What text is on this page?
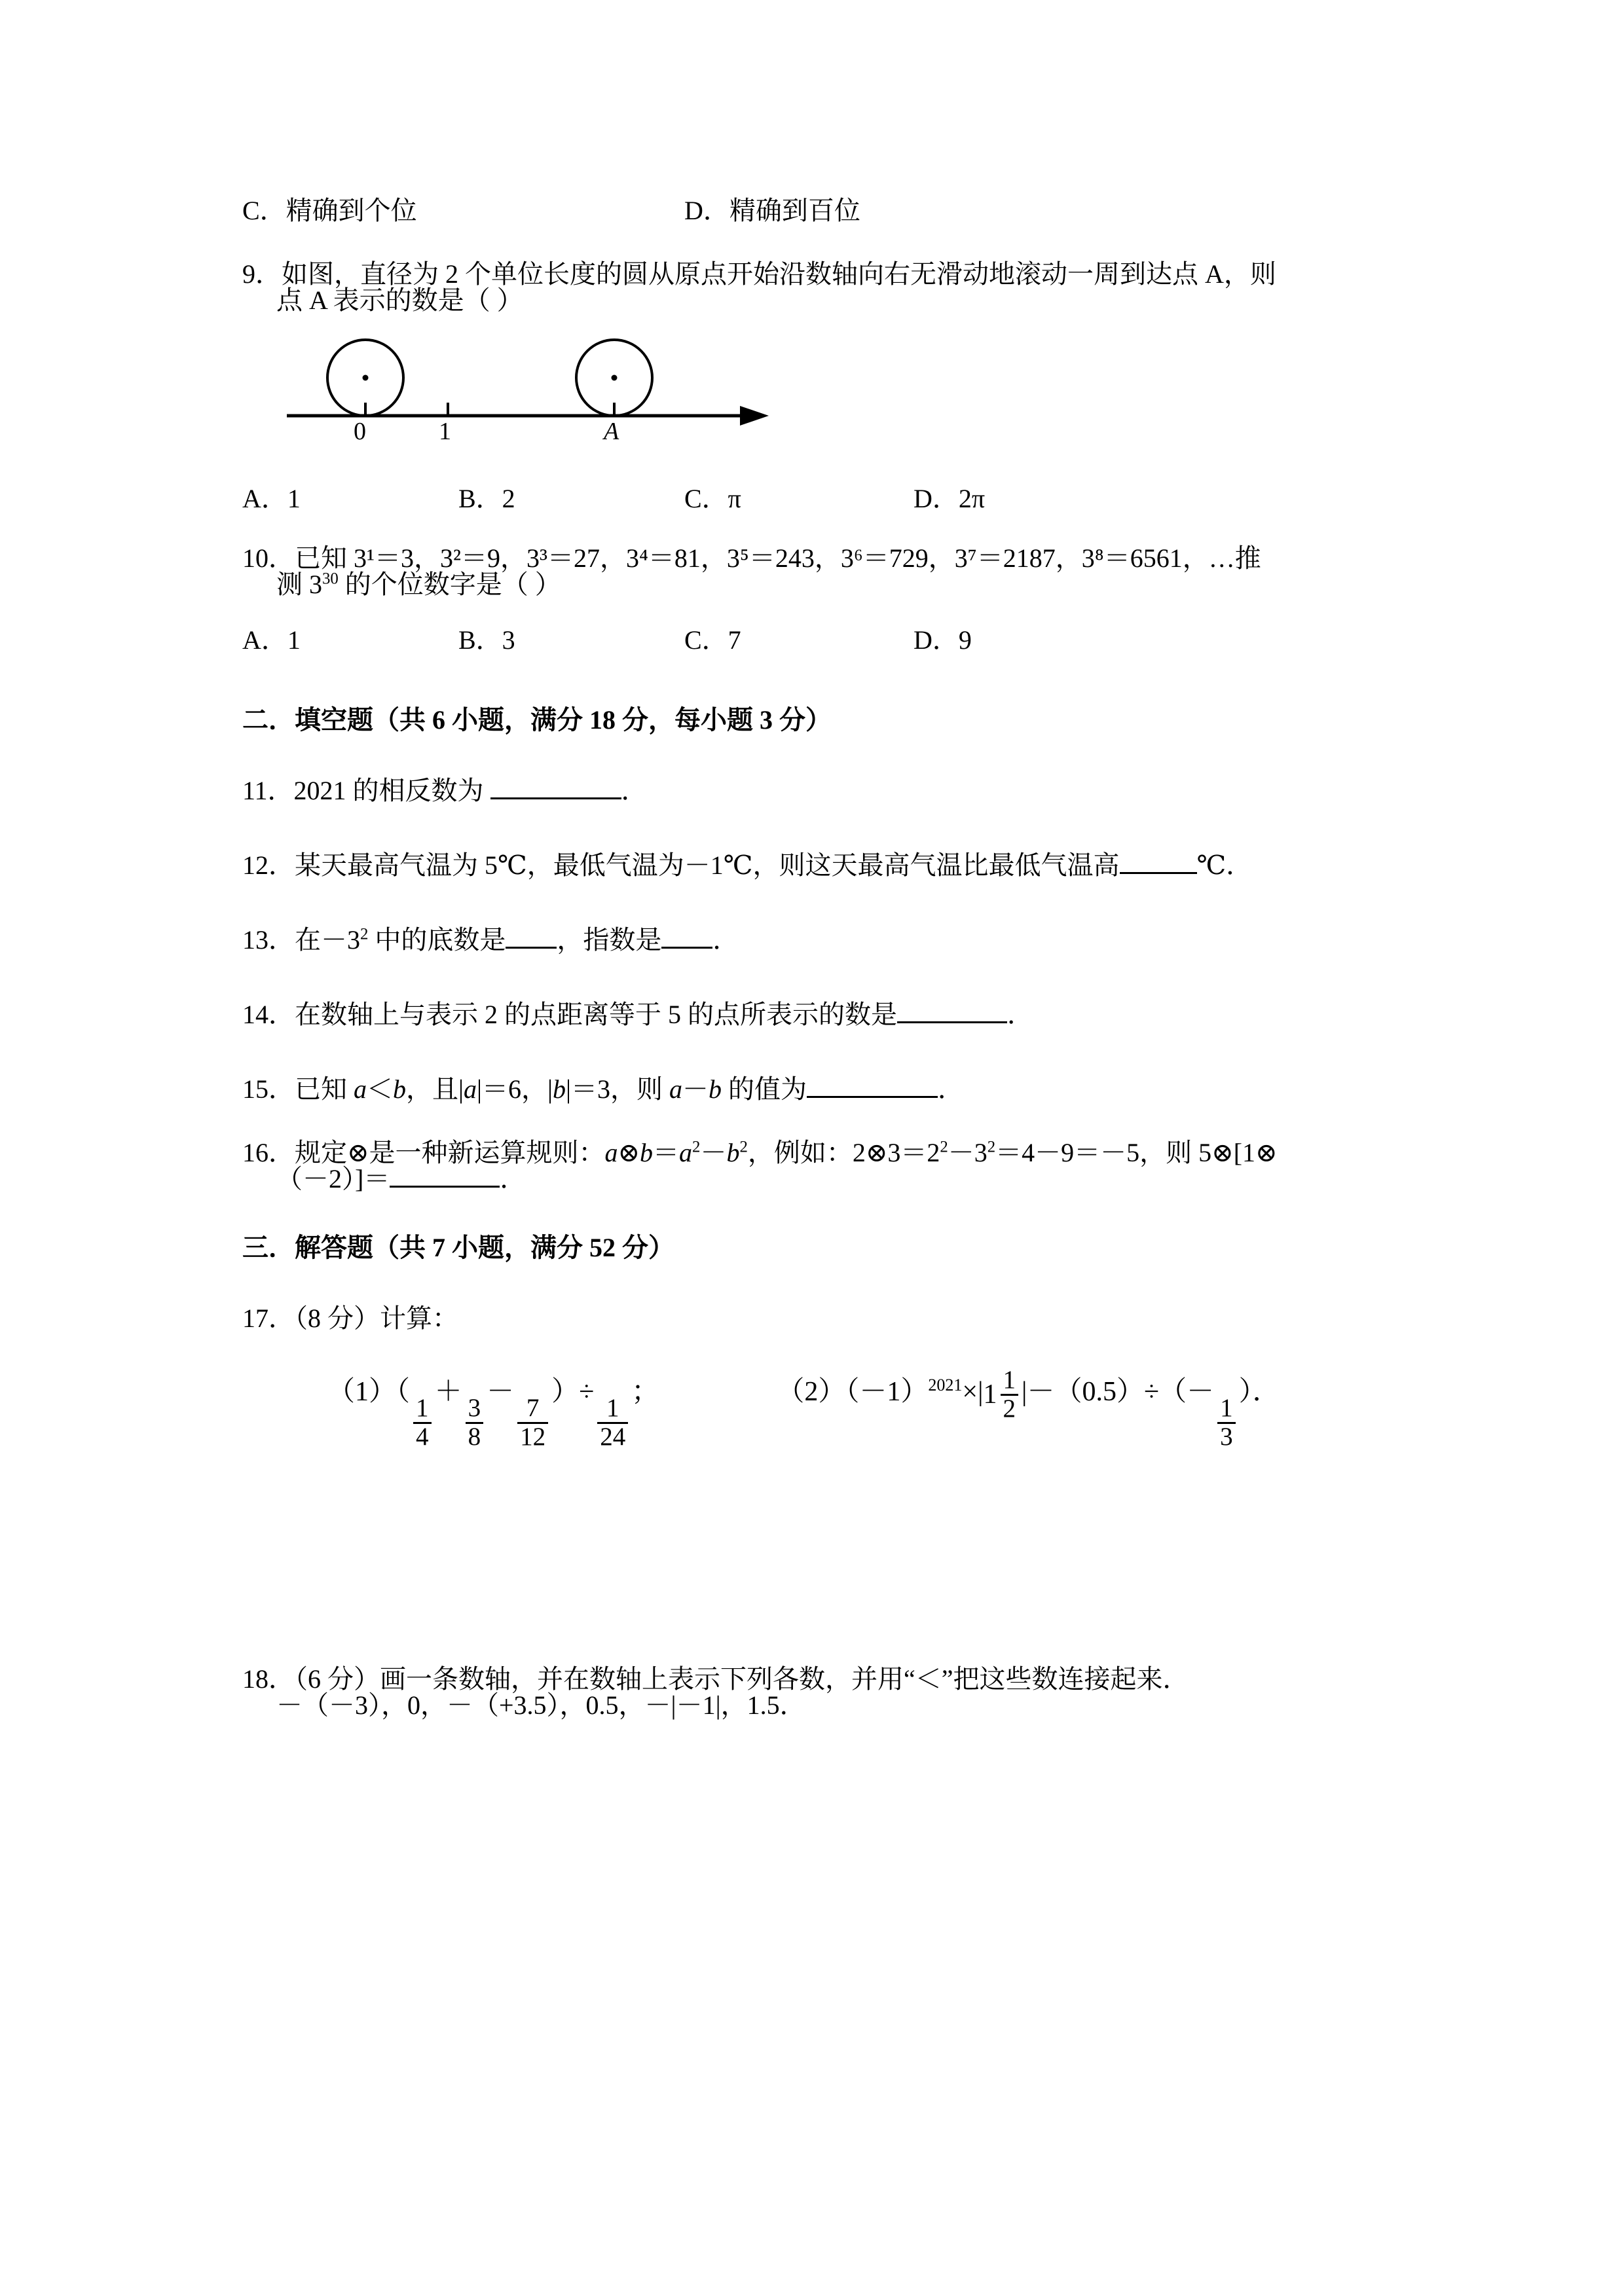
C．精确到个位	D．精确到百位
9．如图，直径为 2 个单位长度的圆从原点开始沿数轴向右无滑动地滚动一周到达点 A，则
点 A 表示的数是（ ）
0	1	A
A．1	B．2	C．π	D．2π
10．已知 3¹＝3，3²＝9，3³＝27，3⁴＝81，3⁵＝243，3⁶＝729，3⁷＝2187，3⁸＝6561，…推
测 $3^{30}$ 的个位数字是（ ）
A．1	B．3	C．7	D．9
二．填空题（共 6 小题，满分 18 分，每小题 3 分）
11．2021 的相反数为	．
12．某天最高气温为 5℃，最低气温为－1℃，则这天最高气温比最低气温高	℃．
13．在$-3^2$ 中的底数是 ，指数是 ．
14．在数轴上与表示 2 的点距离等于 5 的点所表示的数是	．
15．已知 a＜b，且|a|＝6，|b|＝3，则 a－b 的值为	．
16．规定⊗是一种新运算规则：$a\otimes b=a^2-b^2$，例如：$2\otimes 3=2^2-3^2=4-9=-5$，则 5⊗[1⊗
（－2）]＝	．
三．解答题（共 7 小题，满分 52 分）
17．（8 分）计算：
（1）（
$\frac{1}{4}$
＋
$\frac{3}{8}$
－
$\frac{7}{12}$
）÷
$\frac{1}{24}$
；	$(2)(-1)^{2021}\times|$ $1 \frac{1}{2} |-(0.5)\div(-$
$\frac{1}{3}$
）．
18．（6 分）画一条数轴，并在数轴上表示下列各数，并用“＜”把这些数连接起来．
－（－3），0，－（+3.5），0.5，－|－1|，1.5．
